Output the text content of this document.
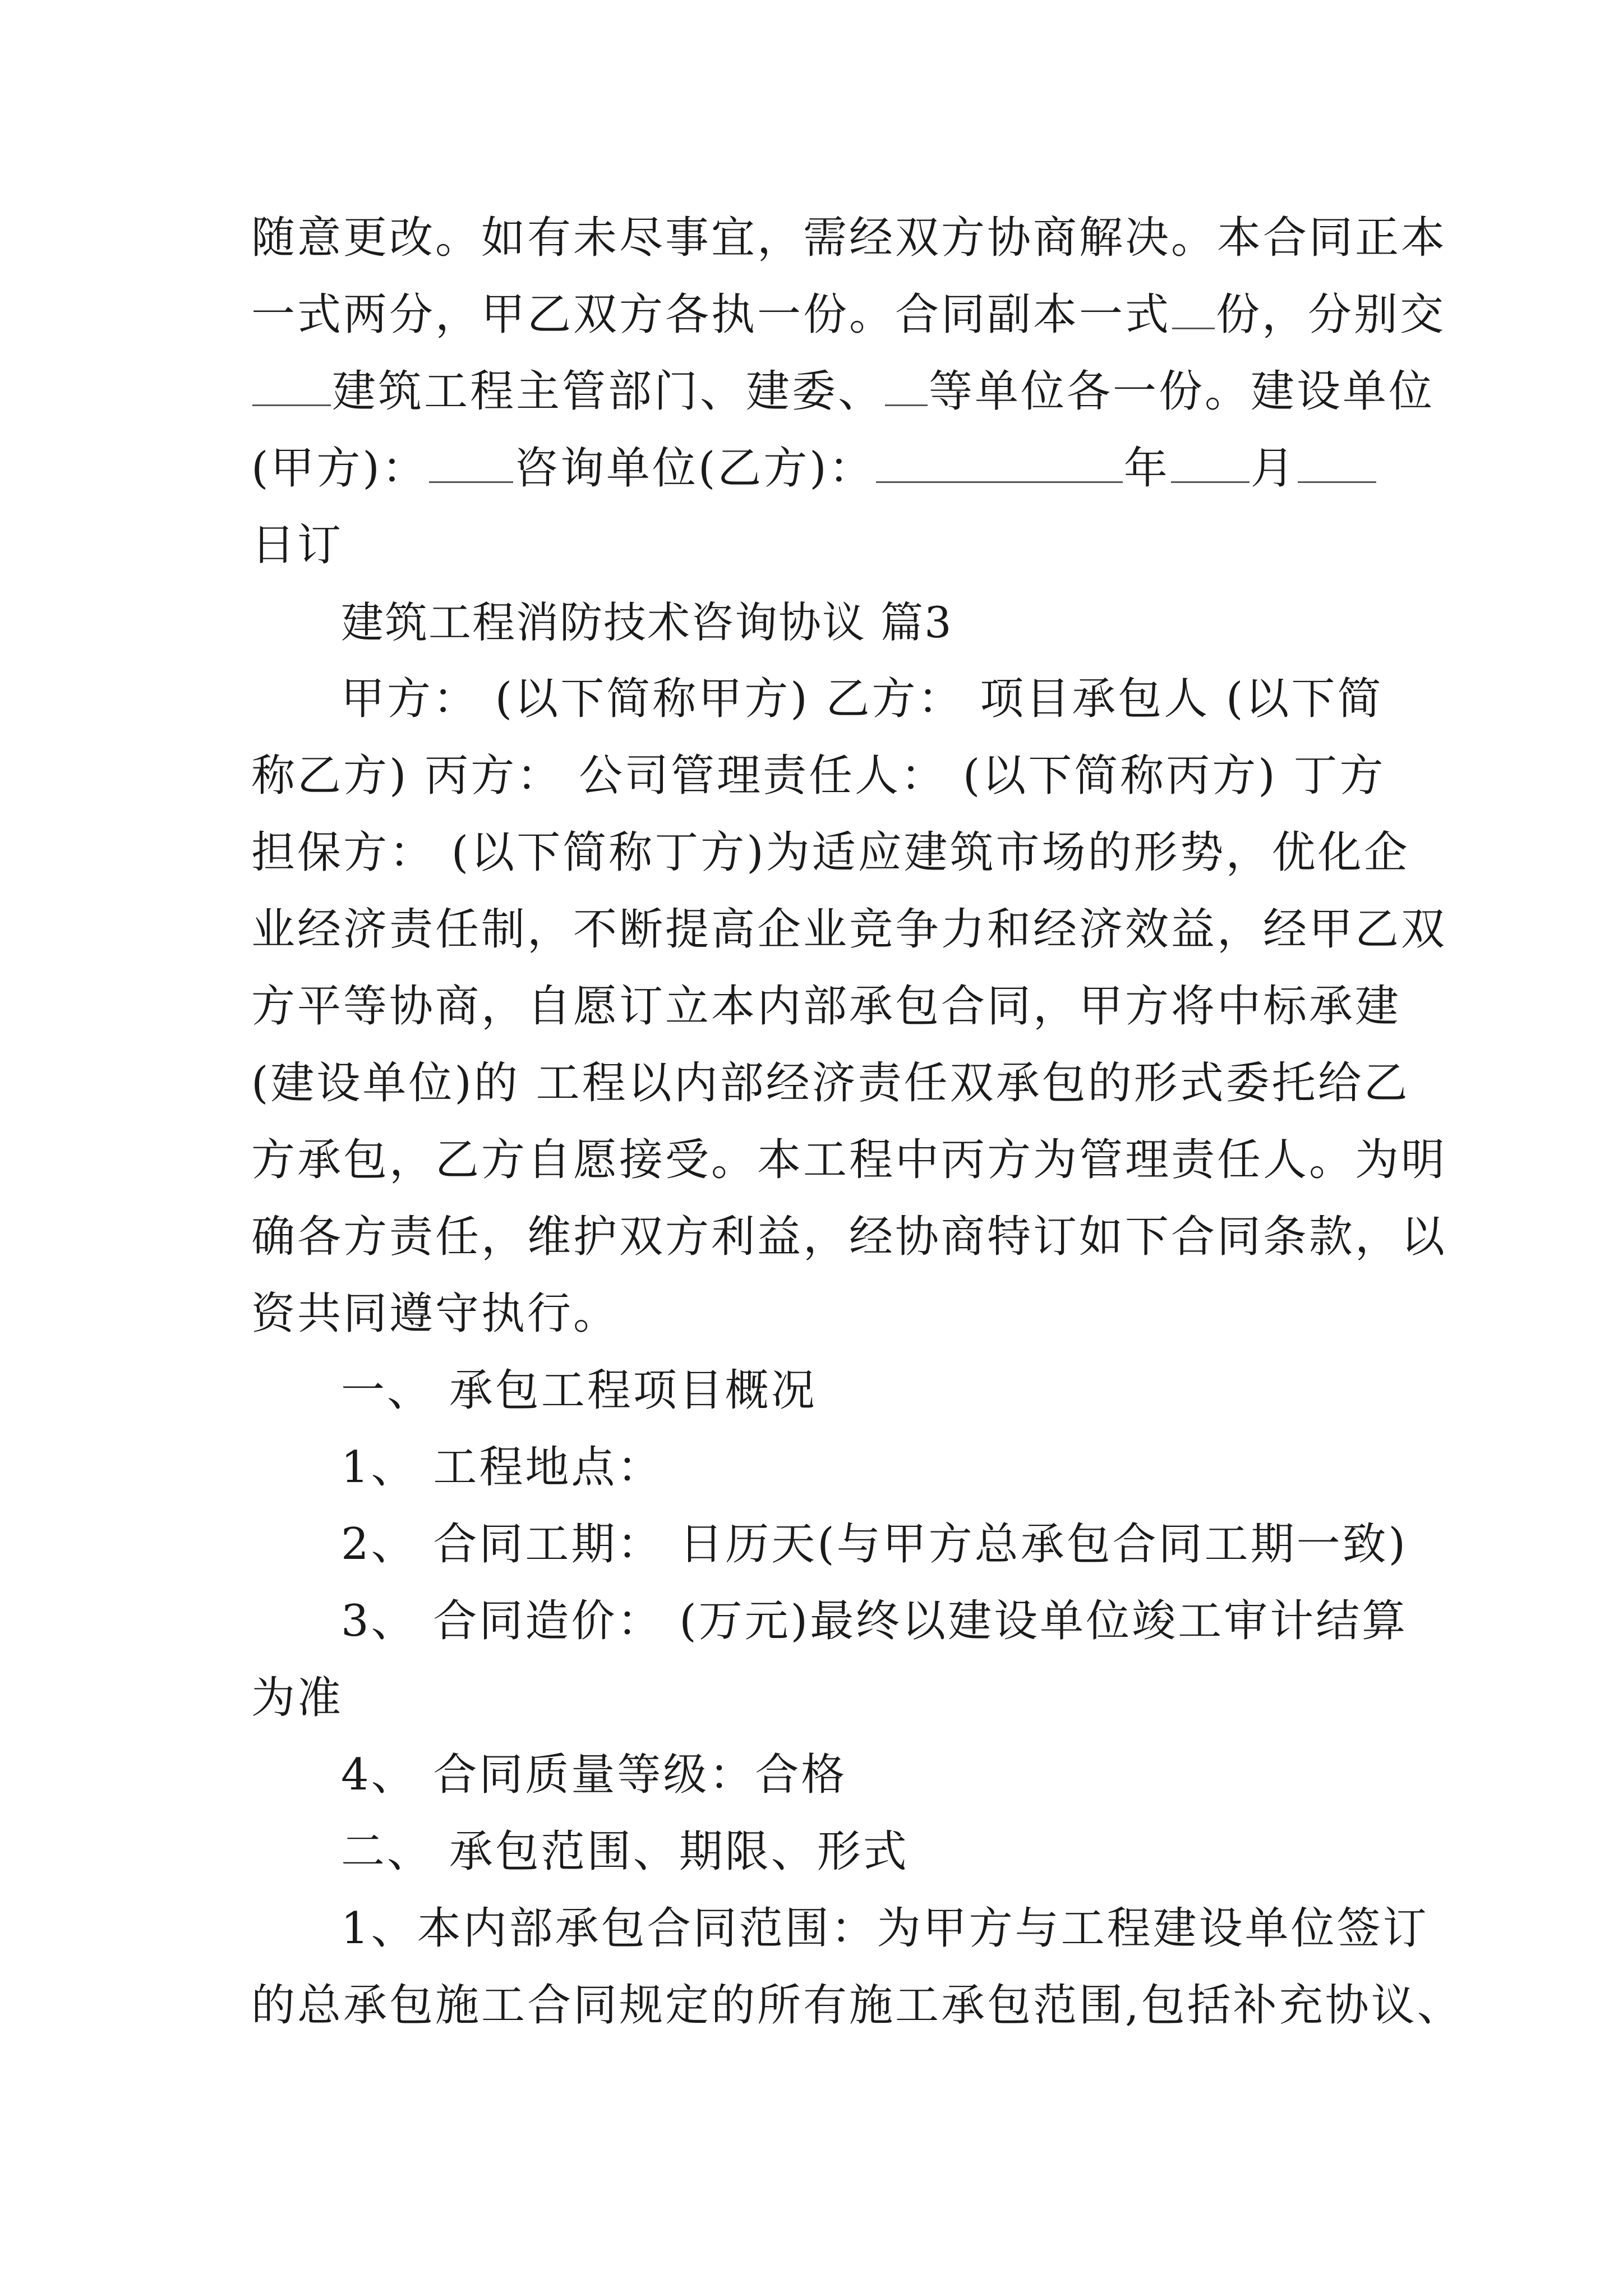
随意更改。如有未尽事宜，需经双方协商解决。本合同正本
一式两分，甲乙双方各执一份。合同副本一式 份，分别交
建筑工程主管部门、建委、 等单位各一份。建设单位
(甲方)： 咨询单位(乙方)：	年 月
日订
建筑工程消防技术咨询协议 篇3
甲方： (以下简称甲方) 乙方： 项目承包人 (以下简
称乙方) 丙方： 公司管理责任人： (以下简称丙方) 丁方
担保方： (以下简称丁方)为适应建筑市场的形势，优化企
业经济责任制，不断提高企业竞争力和经济效益，经甲乙双
方平等协商，自愿订立本内部承包合同，甲方将中标承建
(建设单位)的 工程以内部经济责任双承包的形式委托给乙
方承包，乙方自愿接受。本工程中丙方为管理责任人。为明
确各方责任，维护双方利益，经协商特订如下合同条款，以
资共同遵守执行。
一、 承包工程项目概况
1、 工程地点：
2、 合同工期： 日历天(与甲方总承包合同工期一致)
3、 合同造价： (万元)最终以建设单位竣工审计结算
为准
4、 合同质量等级：合格
二、 承包范围、期限、形式
1、本内部承包合同范围：为甲方与工程建设单位签订
的总承包施工合同规定的所有施工承包范围,包括补充协议、
